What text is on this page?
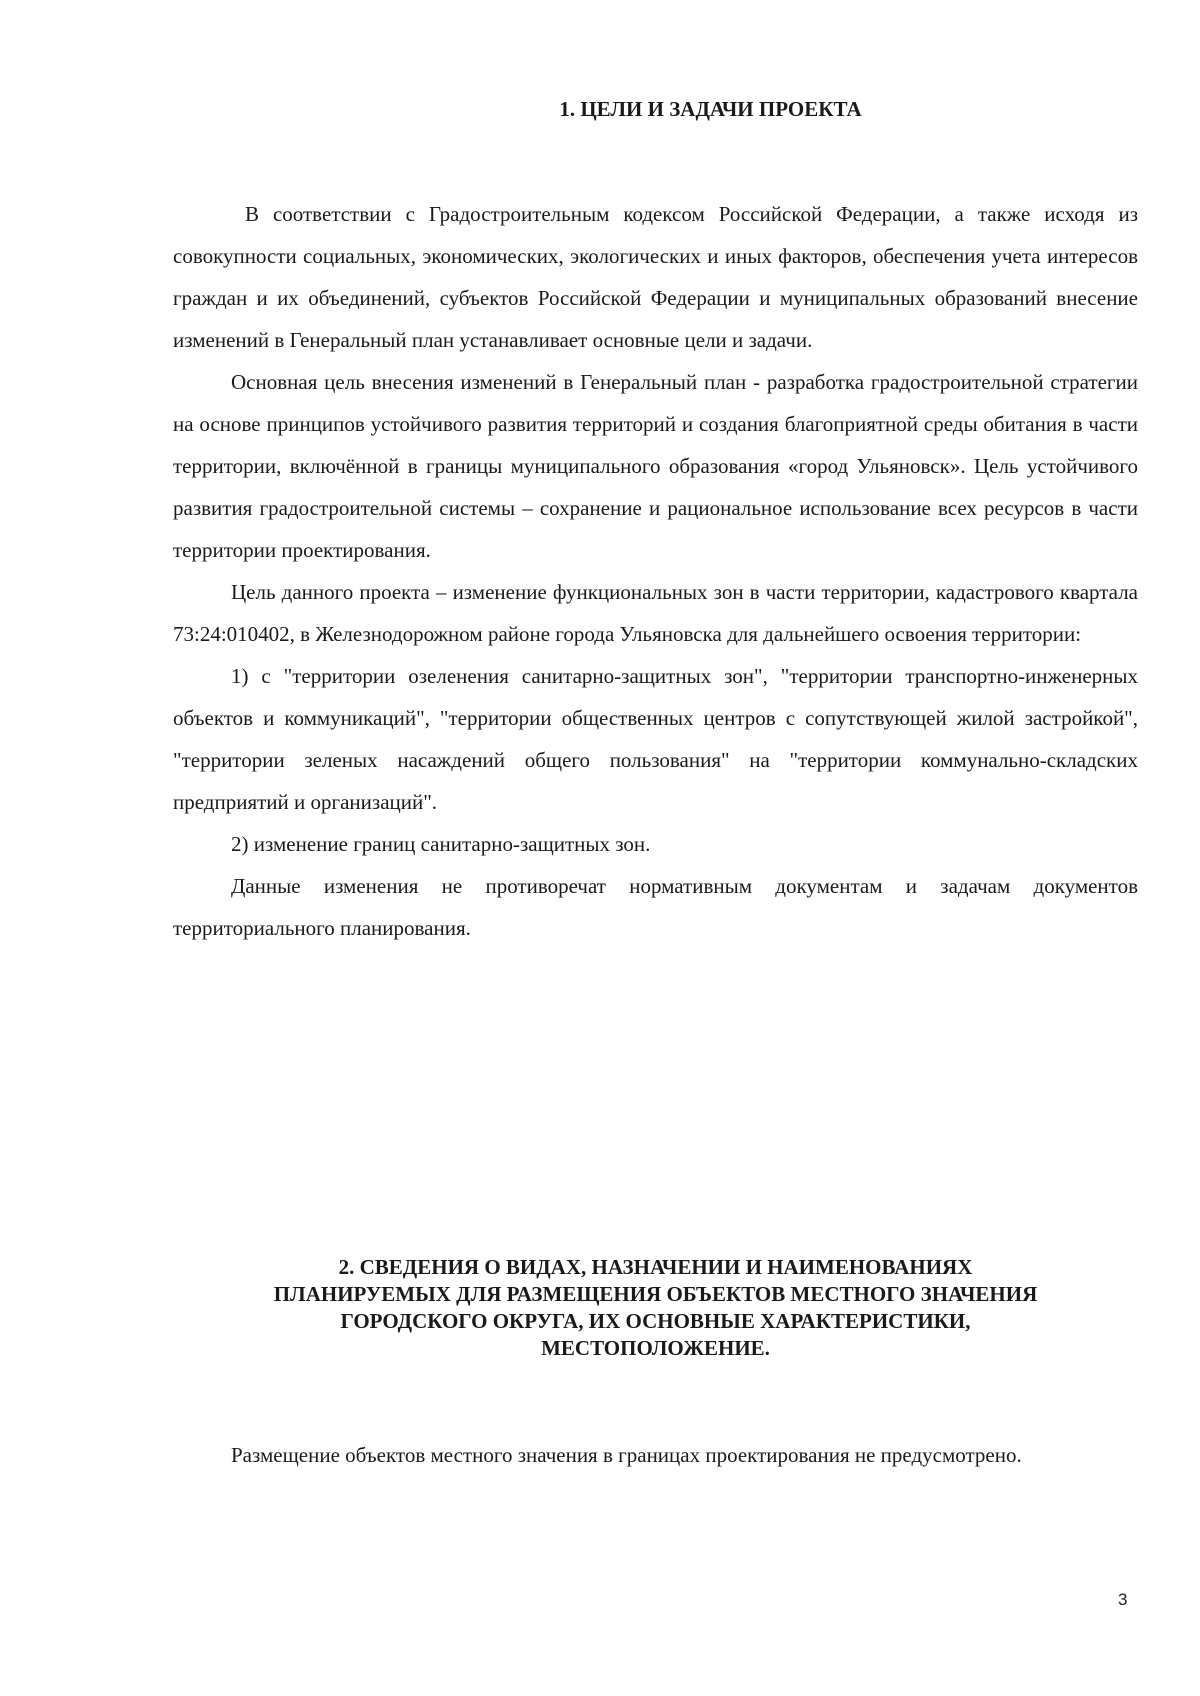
1. ЦЕЛИ И ЗАДАЧИ ПРОЕКТА

В соответствии с Градостроительным кодексом Российской Федерации, а также исходя из совокупности социальных, экономических, экологических и иных факторов, обеспечения учета интересов граждан и их объединений, субъектов Российской Федерации и муниципальных образований внесение изменений в Генеральный план устанавливает основные цели и задачи.

Основная цель внесения изменений в Генеральный план - разработка градостроительной стратегии на основе принципов устойчивого развития территорий и создания благоприятной среды обитания в части территории, включённой в границы муниципального образования «город Ульяновск». Цель устойчивого развития градостроительной системы – сохранение и рациональное использование всех ресурсов в части территории проектирования.

Цель данного проекта – изменение функциональных зон в части территории, кадастрового квартала 73:24:010402, в Железнодорожном районе города Ульяновска для дальнейшего освоения территории:

1) с "территории озеленения санитарно-защитных зон", "территории транспортно-инженерных объектов и коммуникаций", "территории общественных центров с сопутствующей жилой застройкой", "территории зеленых насаждений общего пользования" на "территории коммунально-складских предприятий и организаций".

2) изменение границ санитарно-защитных зон.

Данные изменения не противоречат нормативным документам и задачам документов территориального планирования.

2. СВЕДЕНИЯ О ВИДАХ, НАЗНАЧЕНИИ И НАИМЕНОВАНИЯХ

ПЛАНИРУЕМЫХ ДЛЯ РАЗМЕЩЕНИЯ ОБЪЕКТОВ МЕСТНОГО ЗНАЧЕНИЯ

ГОРОДСКОГО ОКРУГА, ИХ ОСНОВНЫЕ ХАРАКТЕРИСТИКИ,

МЕСТОПОЛОЖЕНИЕ.

Размещение объектов местного значения в границах проектирования не предусмотрено.

3
